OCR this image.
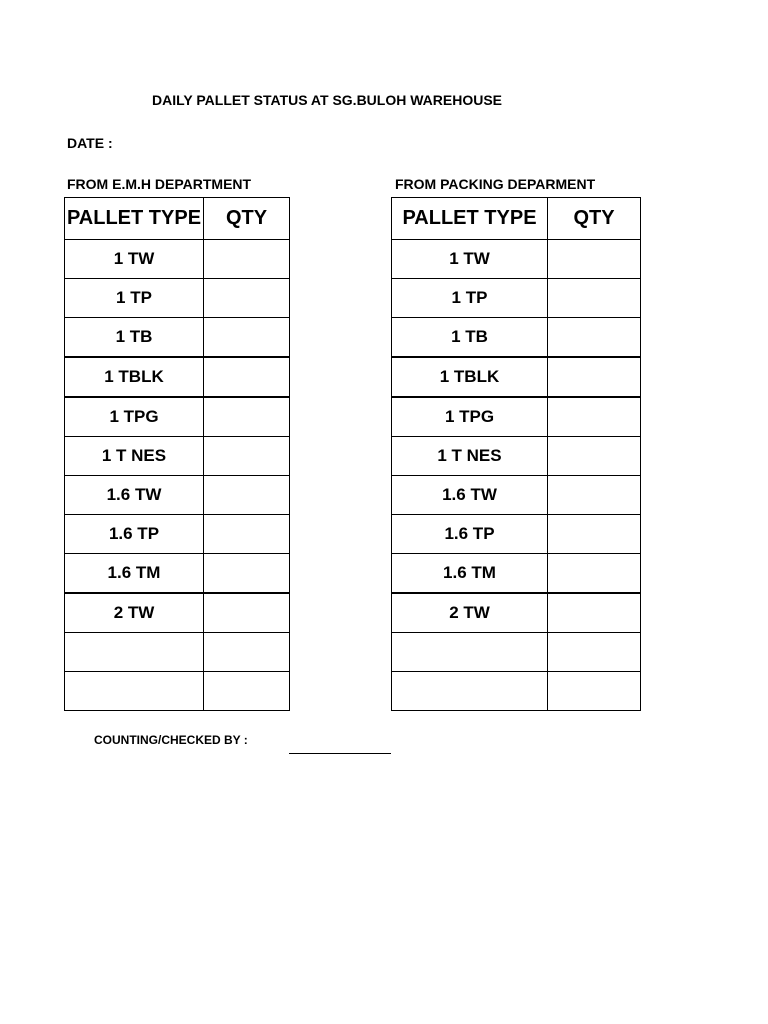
DAILY PALLET STATUS AT SG.BULOH WAREHOUSE
DATE :
FROM E.M.H DEPARTMENT	FROM PACKING DEPARMENT
PALLET TYPE	QTY
1 TW	
1 TP	
1 TB	
1 TBLK	
1 TPG	
1 T NES	
1.6 TW	
1.6 TP	
1.6 TM	
2 TW	

PALLET TYPE	QTY
1 TW	
1 TP	
1 TB	
1 TBLK	
1 TPG	
1 T NES	
1.6 TW	
1.6 TP	
1.6 TM	
2 TW	

COUNTING/CHECKED BY :
